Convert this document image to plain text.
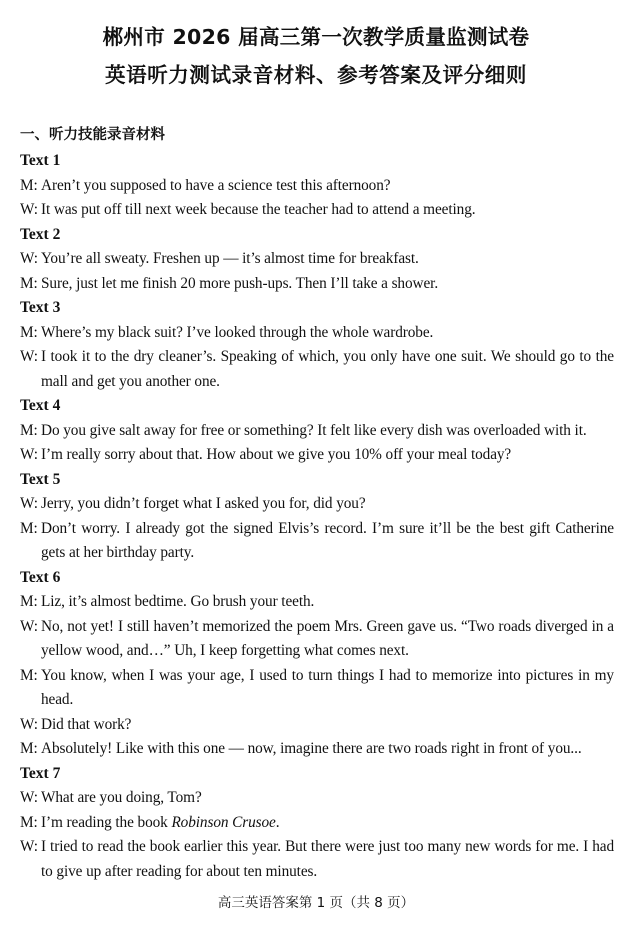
郴州市 2026 届高三第一次教学质量监测试卷
英语听力测试录音材料、参考答案及评分细则
一、听力技能录音材料
Text 1
M: Aren’t you supposed to have a science test this afternoon?
W: It was put off till next week because the teacher had to attend a meeting.
Text 2
W: You’re all sweaty. Freshen up — it’s almost time for breakfast.
M: Sure, just let me finish 20 more push-ups. Then I’ll take a shower.
Text 3
M: Where’s my black suit? I’ve looked through the whole wardrobe.
W: I took it to the dry cleaner’s. Speaking of which, you only have one suit. We should go to the mall and get you another one.
Text 4
M: Do you give salt away for free or something? It felt like every dish was overloaded with it.
W: I’m really sorry about that. How about we give you 10% off your meal today?
Text 5
W: Jerry, you didn’t forget what I asked you for, did you?
M: Don’t worry. I already got the signed Elvis’s record. I’m sure it’ll be the best gift Catherine gets at her birthday party.
Text 6
M: Liz, it’s almost bedtime. Go brush your teeth.
W: No, not yet! I still haven’t memorized the poem Mrs. Green gave us. “Two roads diverged in a yellow wood, and…” Uh, I keep forgetting what comes next.
M: You know, when I was your age, I used to turn things I had to memorize into pictures in my head.
W: Did that work?
M: Absolutely! Like with this one — now, imagine there are two roads right in front of you...
Text 7
W: What are you doing, Tom?
M: I’m reading the book Robinson Crusoe.
W: I tried to read the book earlier this year. But there were just too many new words for me. I had to give up after reading for about ten minutes.
高三英语答案第 1 页（共 8 页）
